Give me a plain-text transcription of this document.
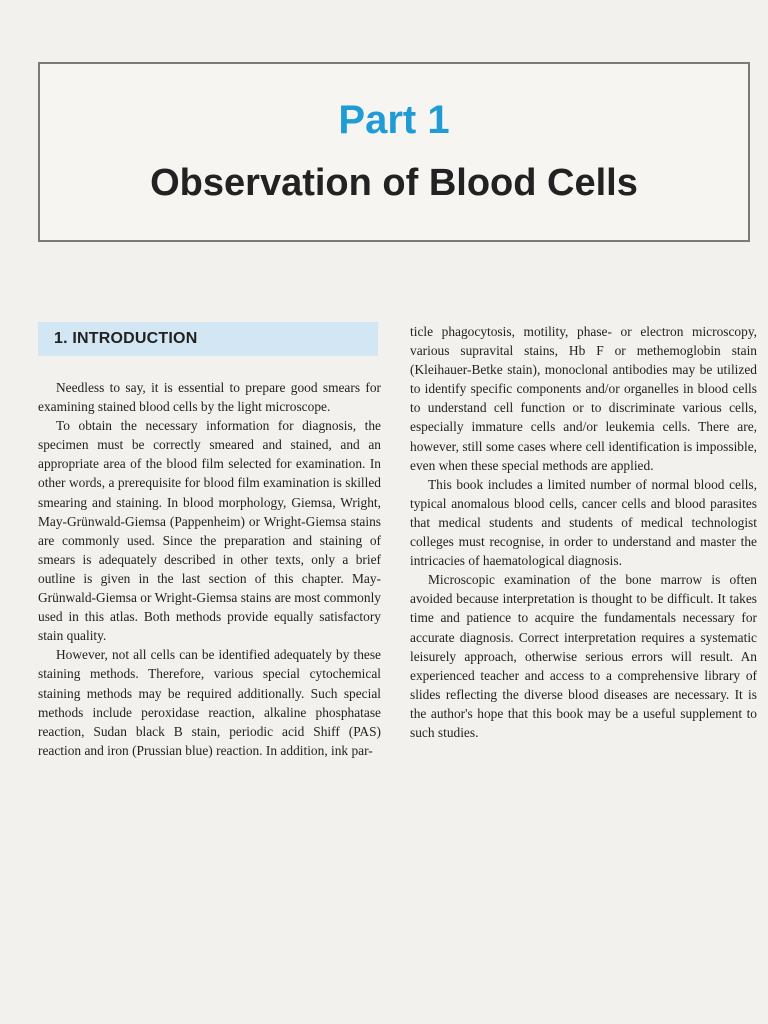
Part 1
Observation of Blood Cells
1. INTRODUCTION

Needless to say, it is essential to prepare good smears for examining stained blood cells by the light microscope.

To obtain the necessary information for diagnosis, the specimen must be correctly smeared and stained, and an appropriate area of the blood film selected for examination. In other words, a prerequisite for blood film examination is skilled smearing and staining. In blood morphology, Giemsa, Wright, May-Grünwald-Giemsa (Pappenheim) or Wright-Giemsa stains are commonly used. Since the preparation and staining of smears is adequately described in other texts, only a brief outline is given in the last section of this chapter. May-Grünwald-Giemsa or Wright-Giemsa stains are most commonly used in this atlas. Both methods provide equally satisfactory stain quality.

However, not all cells can be identified adequately by these staining methods. Therefore, various special cytochemical staining methods may be required additionally. Such special methods include peroxidase reaction, alkaline phosphatase reaction, Sudan black B stain, periodic acid Shiff (PAS) reaction and iron (Prussian blue) reaction. In addition, ink par-

ticle phagocytosis, motility, phase- or electron microscopy, various supravital stains, Hb F or methemoglobin stain (Kleihauer-Betke stain), monoclonal antibodies may be utilized to identify specific components and/or organelles in blood cells to understand cell function or to discriminate various cells, especially immature cells and/or leukemia cells. There are, however, still some cases where cell identification is impossible, even when these special methods are applied.

This book includes a limited number of normal blood cells, typical anomalous blood cells, cancer cells and blood parasites that medical students and students of medical technologist colleges must recognise, in order to understand and master the intricacies of haematological diagnosis.

Microscopic examination of the bone marrow is often avoided because interpretation is thought to be difficult. It takes time and patience to acquire the fundamentals necessary for accurate diagnosis. Correct interpretation requires a systematic leisurely approach, otherwise serious errors will result. An experienced teacher and access to a comprehensive library of slides reflecting the diverse blood diseases are necessary. It is the author's hope that this book may be a useful supplement to such studies.
